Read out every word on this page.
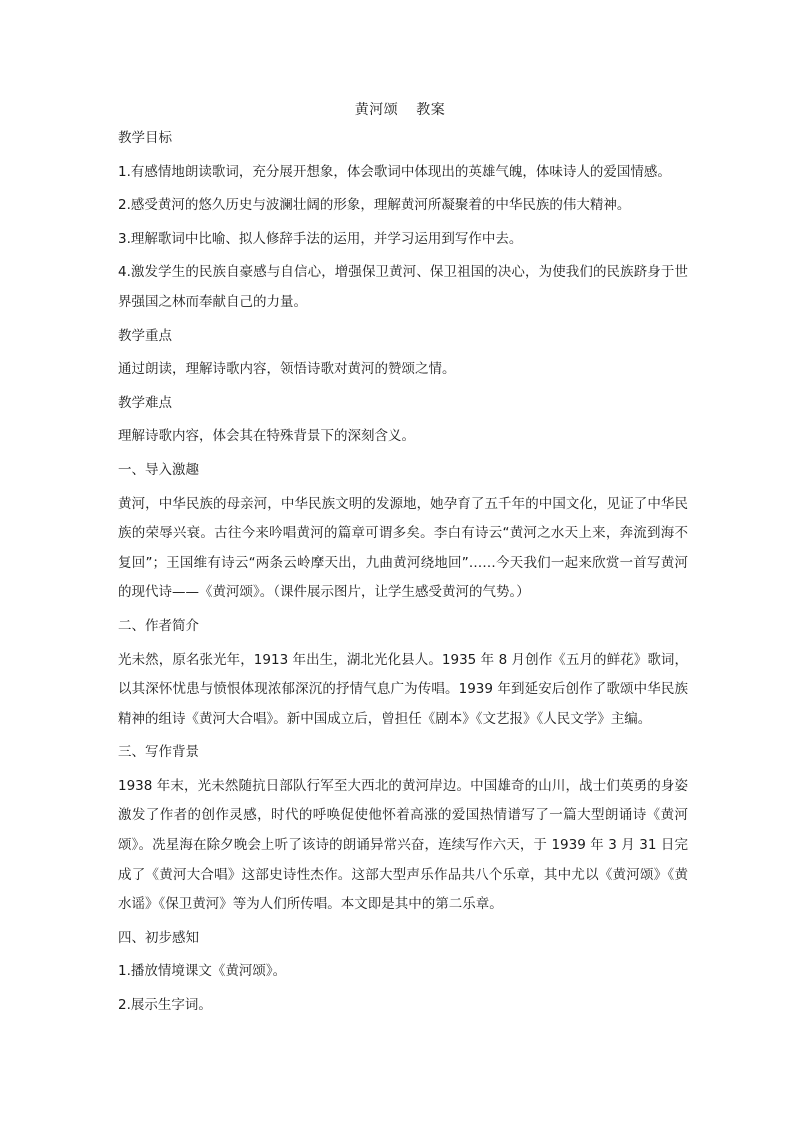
黄河颂 教案

教学目标

1.有感情地朗读歌词，充分展开想象，体会歌词中体现出的英雄气魄，体味诗人的爱国情感。

2.感受黄河的悠久历史与波澜壮阔的形象，理解黄河所凝聚着的中华民族的伟大精神。

3.理解歌词中比喻、拟人修辞手法的运用，并学习运用到写作中去。

4.激发学生的民族自豪感与自信心，增强保卫黄河、保卫祖国的决心，为使我们的民族跻身于世界强国之林而奉献自己的力量。

教学重点

通过朗读，理解诗歌内容，领悟诗歌对黄河的赞颂之情。

教学难点

理解诗歌内容，体会其在特殊背景下的深刻含义。

一、导入激趣

黄河，中华民族的母亲河，中华民族文明的发源地，她孕育了五千年的中国文化，见证了中华民族的荣辱兴衰。古往今来吟唱黄河的篇章可谓多矣。李白有诗云“黄河之水天上来，奔流到海不复回”；王国维有诗云“两条云岭摩天出，九曲黄河绕地回”……今天我们一起来欣赏一首写黄河的现代诗——《黄河颂》。（课件展示图片，让学生感受黄河的气势。）

二、作者简介

光未然，原名张光年，1913 年出生，湖北光化县人。1935 年 8 月创作《五月的鲜花》歌词，以其深怀忧患与愤恨体现浓郁深沉的抒情气息广为传唱。1939 年到延安后创作了歌颂中华民族精神的组诗《黄河大合唱》。新中国成立后，曾担任《剧本》《文艺报》《人民文学》主编。

三、写作背景

1938 年末，光未然随抗日部队行军至大西北的黄河岸边。中国雄奇的山川，战士们英勇的身姿激发了作者的创作灵感，时代的呼唤促使他怀着高涨的爱国热情谱写了一篇大型朗诵诗《黄河颂》。冼星海在除夕晚会上听了该诗的朗诵异常兴奋，连续写作六天，于 1939 年 3 月 31 日完成了《黄河大合唱》这部史诗性杰作。这部大型声乐作品共八个乐章，其中尤以《黄河颂》《黄水谣》《保卫黄河》等为人们所传唱。本文即是其中的第二乐章。

四、初步感知

1.播放情境课文《黄河颂》。

2.展示生字词。
